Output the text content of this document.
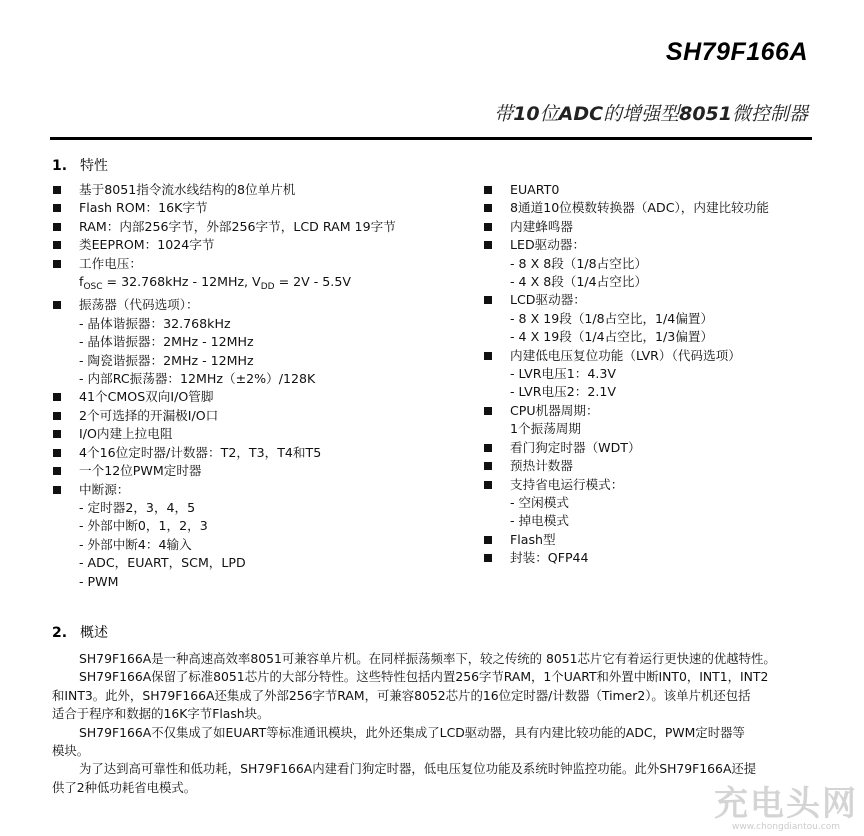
SH79F166A
带10位ADC的增强型8051微控制器
1. 特性
基于8051指令流水线结构的8位单片机
Flash ROM：16K字节
RAM：内部256字节，外部256字节，LCD RAM 19字节
类EEPROM：1024字节
工作电压：
$f_{OSC} = 32.768kHz - 12MHz$, $V_{DD} = 2V - 5.5V$
振荡器（代码选项）：
- 晶体谐振器：32.768kHz
- 晶体谐振器：2MHz - 12MHz
- 陶瓷谐振器：2MHz - 12MHz
- 内部RC振荡器：12MHz（±2%）/128K
41个CMOS双向I/O管脚
2个可选择的开漏极I/O口
I/O内建上拉电阻
4个16位定时器/计数器：T2，T3，T4和T5
一个12位PWM定时器
中断源：
- 定时器2，3，4，5
- 外部中断0，1，2，3
- 外部中断4：4输入
- ADC，EUART，SCM，LPD
- PWM
EUART0
8通道10位模数转换器（ADC），内建比较功能
内建蜂鸣器
LED驱动器：
- 8 X 8段（1/8占空比）
- 4 X 8段（1/4占空比）
LCD驱动器：
- 8 X 19段（1/8占空比，1/4偏置）
- 4 X 19段（1/4占空比，1/3偏置）
内建低电压复位功能（LVR）（代码选项）
- LVR电压1：4.3V
- LVR电压2：2.1V
CPU机器周期：
1个振荡周期
看门狗定时器（WDT）
预热计数器
支持省电运行模式：
- 空闲模式
- 掉电模式
Flash型
封装：QFP44
2. 概述

SH79F166A是一种高速高效率8051可兼容单片机。在同样振荡频率下，较之传统的 8051芯片它有着运行更快速的优越特性。

SH79F166A保留了标准8051芯片的大部分特性。这些特性包括内置256字节RAM，1个UART和外置中断INT0，INT1，INT2

和INT3。此外，SH79F166A还集成了外部256字节RAM，可兼容8052芯片的16位定时器/计数器（Timer2）。该单片机还包括

适合于程序和数据的16K字节Flash块。

SH79F166A不仅集成了如EUART等标准通讯模块，此外还集成了LCD驱动器，具有内建比较功能的ADC，PWM定时器等

模块。

为了达到高可靠性和低功耗，SH79F166A内建看门狗定时器，低电压复位功能及系统时钟监控功能。此外SH79F166A还提

供了2种低功耗省电模式。	充电头网
www.chongdiantou.com
